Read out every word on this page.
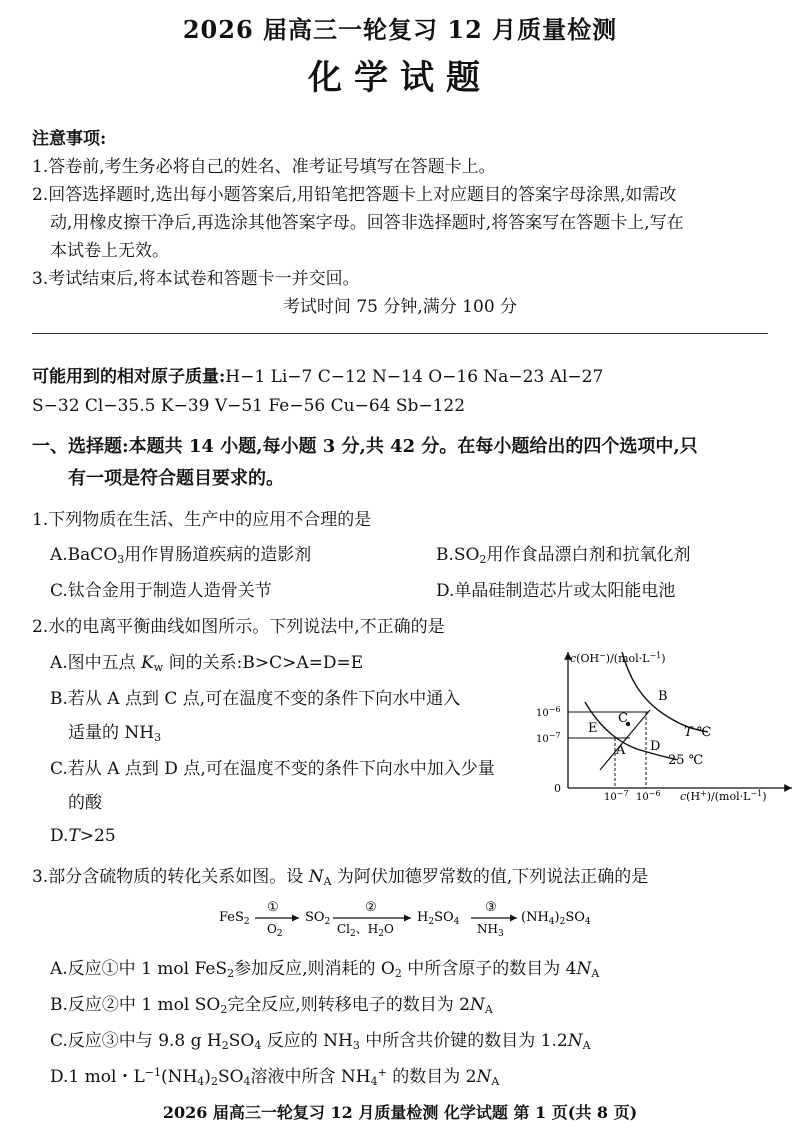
2026 届高三一轮复习 12 月质量检测
化学试题
注意事项:
1.答卷前,考生务必将自己的姓名、准考证号填写在答题卡上。
2.回答选择题时,选出每小题答案后,用铅笔把答题卡上对应题目的答案字母涂黑,如需改
动,用橡皮擦干净后,再选涂其他答案字母。回答非选择题时,将答案写在答题卡上,写在
本试卷上无效。
3.考试结束后,将本试卷和答题卡一并交回。
考试时间 75 分钟,满分 100 分
可能用到的相对原子质量:H−1 Li−7 C−12 N−14 O−16 Na−23 Al−27
S−32 Cl−35.5 K−39 V−51 Fe−56 Cu−64 Sb−122
一、选择题:本题共 14 小题,每小题 3 分,共 42 分。在每小题给出的四个选项中,只
有一项是符合题目要求的。
1.下列物质在生活、生产中的应用不合理的是
A.BaCO$_3$用作胃肠道疾病的造影剂	$B.SO_2$用作食品漂白剂和抗氧化剂
C.钛合金用于制造人造骨关节	D.单晶硅制造芯片或太阳能电池
2.水的电离平衡曲线如图所示。下列说法中,不正确的是
A.图中五点 $K_w$ 间的关系:B>C>A=D=E
B.若从 A 点到 C 点,可在温度不变的条件下向水中通入
适量的 $NH_3$
C.若从 A 点到 D 点,可在温度不变的条件下向水中加入少量
的酸
D.T>25
$c(OH^-)/(mol\cdot L^{-1})$
$c(H^+)/(mol\cdot L^{-1})$
0
$10^{-6}$
$10^{-7}$
$10^{-7}$ $10^{-6}$
B
C
E
A D
T ℃
25 ℃
3.部分含硫物质的转化关系如图。设 $N_A$ 为阿伏加德罗常数的值,下列说法正确的是
FeS$_2$
①
$O_2$
$SO_2$
②
$Cl_2$、$H_2O$
$H_2SO_4$
③
$NH_3$
$(NH_4)_2SO_4$
A.反应①中 1 mol FeS$_2$参加反应,则消耗的 $O_2$ 中所含原子的数目为 $4N_A$
B.反应②中 1 mol $SO_2$完全反应,则转移电子的数目为 $2N_A$
C.反应③中与 9.8 g $H_2SO_4$ 反应的 $NH_3$ 中所含共价键的数目为 $1.2N_A$
D.1 mol・$L^{-1}(NH_4)_2SO_4$溶液中所含 $NH_4^+$ 的数目为 $2N_A$
2026 届高三一轮复习 12 月质量检测 化学试题 第 1 页(共 8 页)
